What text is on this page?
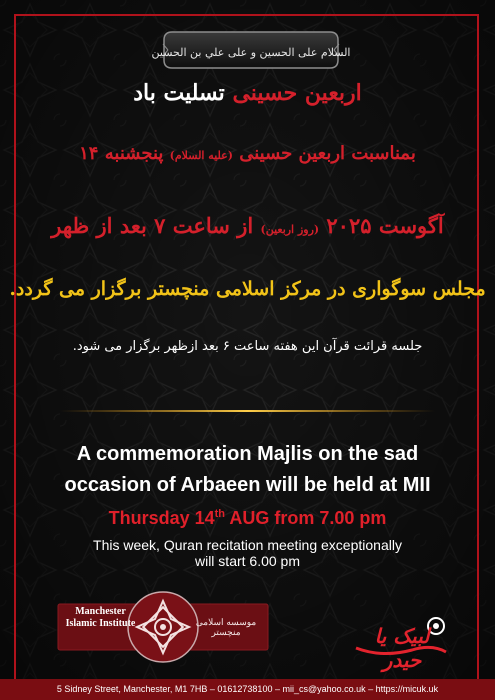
السلام على الحسين و على علي بن الحسين
اربعین حسینی تسلیت باد
بمناسبت اربعین حسینی (علیه السلام) پنجشنبه ۱۴
آگوست ۲۰۲۵ (روز اربعین) از ساعت ۷ بعد از ظهر
مجلس سوگواری در مرکز اسلامی منچستر برگزار می گردد.
جلسه قرائت قرآن این هفته ساعت ۶ بعد ازظهر برگزار می شود.
A commemoration Majlis on the sad
occasion of Arbaeen will be held at MII
Thursday 14th AUG from 7.00 pm
This week, Quran recitation meeting exceptionally
will start 6.00 pm
Manchester
Islamic Institute	موسسه اسلامی منچستر	لبیک یا حیدر
5 Sidney Street, Manchester, M1 7HB – 01612738100 – mii_cs@yahoo.co.uk – https://micuk.uk
